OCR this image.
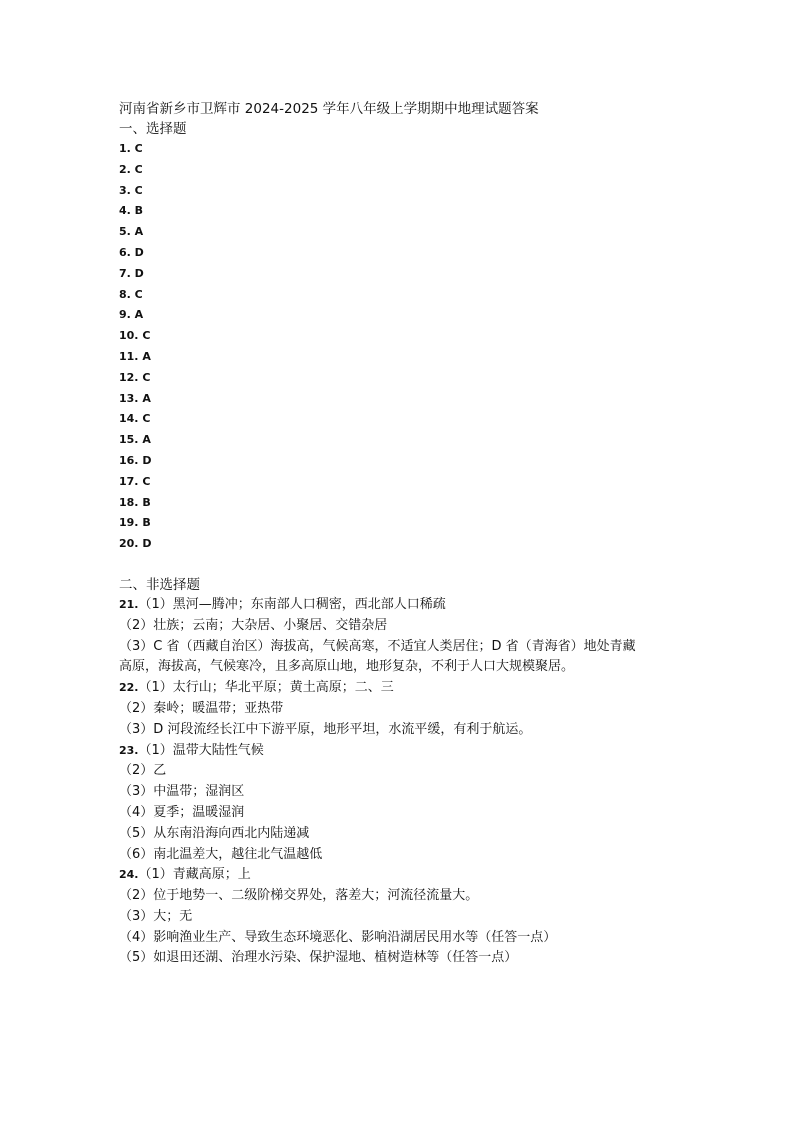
河南省新乡市卫辉市 2024-2025 学年八年级上学期期中地理试题答案
一、选择题
1. C
2. C
3. C
4. B
5. A
6. D
7. D
8. C
9. A
10. C
11. A
12. C
13. A
14. C
15. A
16. D
17. C
18. B
19. B
20. D
二、非选择题
21.（1）黑河—腾冲；东南部人口稠密，西北部人口稀疏
（2）壮族；云南；大杂居、小聚居、交错杂居
（3）C 省（西藏自治区）海拔高，气候高寒，不适宜人类居住；D 省（青海省）地处青藏
高原，海拔高，气候寒冷，且多高原山地，地形复杂，不利于人口大规模聚居。
22.（1）太行山；华北平原；黄土高原；二、三
（2）秦岭；暖温带；亚热带
（3）D 河段流经长江中下游平原，地形平坦，水流平缓，有利于航运。
23.（1）温带大陆性气候
（2）乙
（3）中温带；湿润区
（4）夏季；温暖湿润
（5）从东南沿海向西北内陆递减
（6）南北温差大，越往北气温越低
24.（1）青藏高原；上
（2）位于地势一、二级阶梯交界处，落差大；河流径流量大。
（3）大；无
（4）影响渔业生产、导致生态环境恶化、影响沿湖居民用水等（任答一点）
（5）如退田还湖、治理水污染、保护湿地、植树造林等（任答一点）
